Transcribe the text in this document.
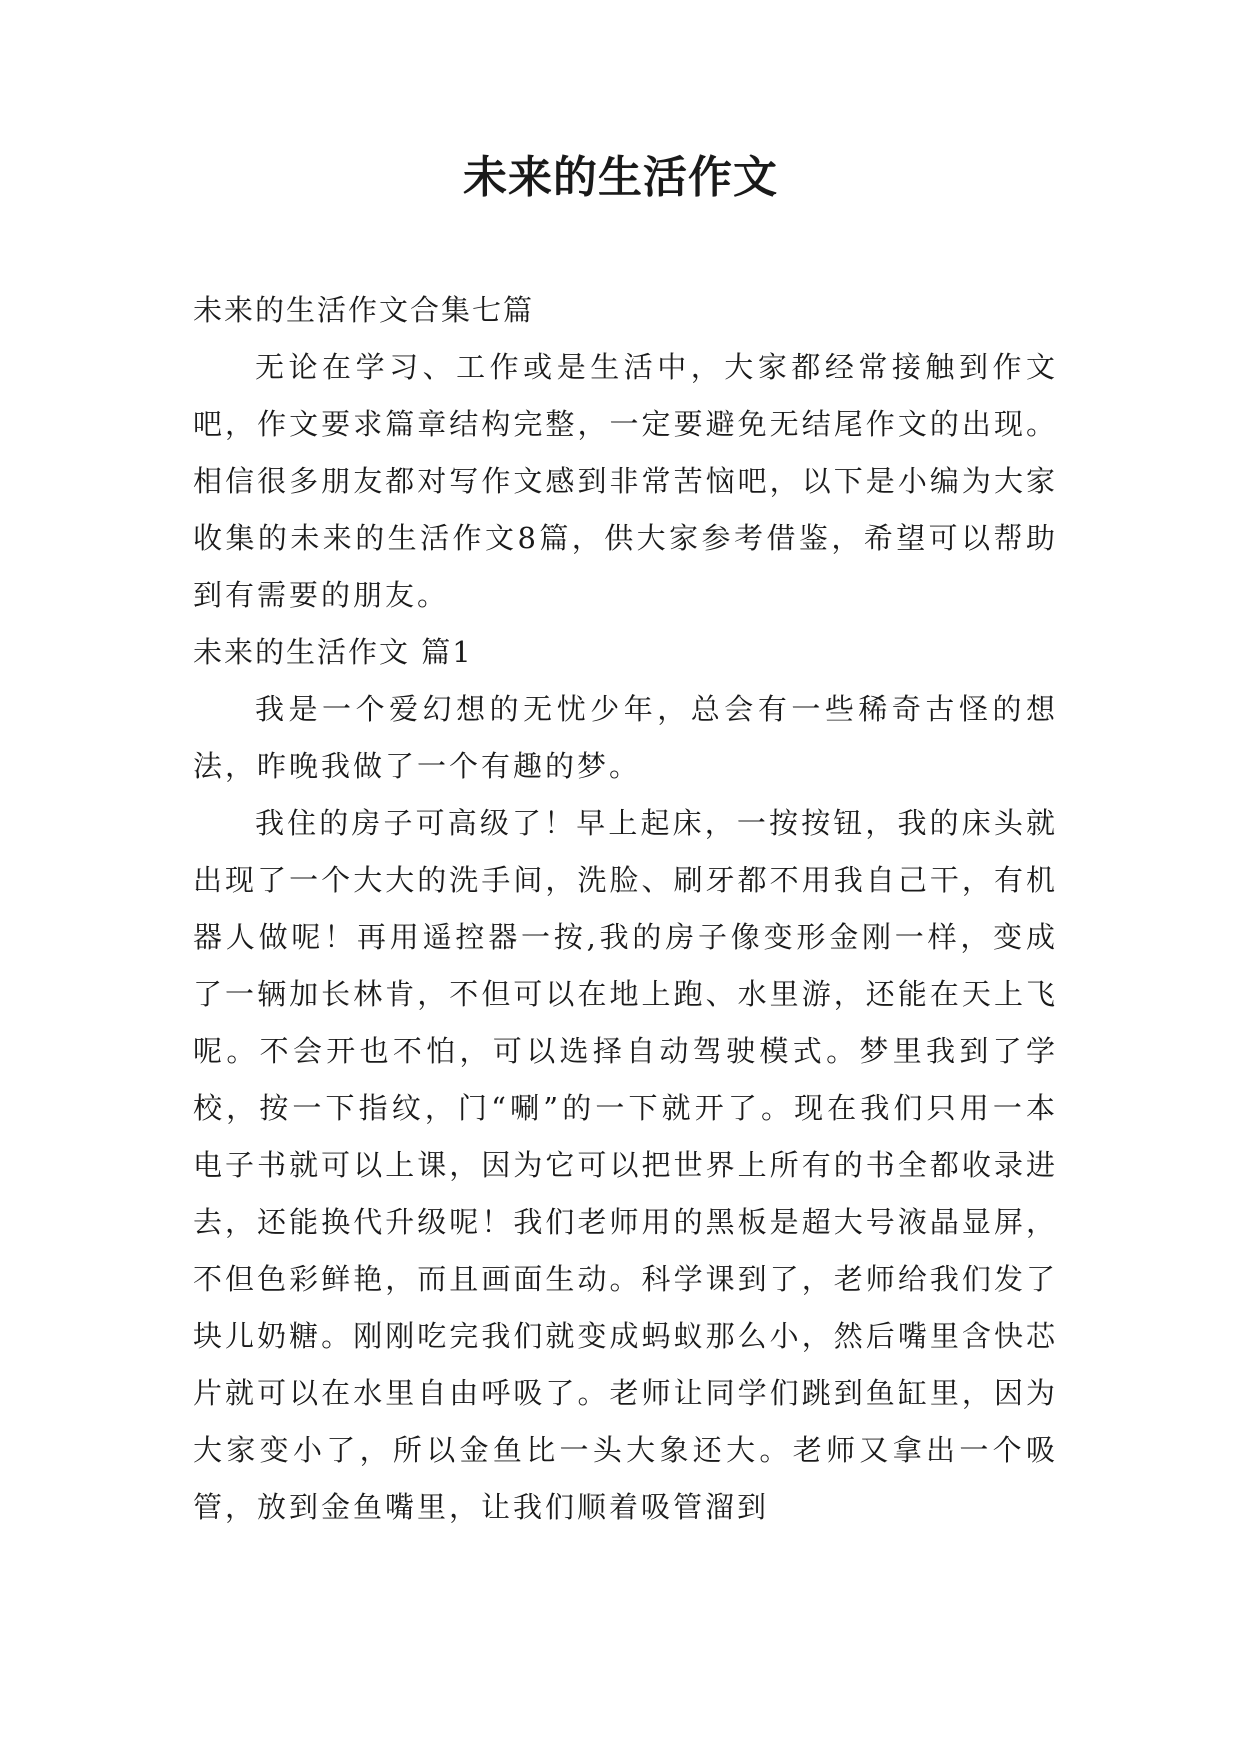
未来的生活作文

未来的生活作文合集七篇

无论在学习、工作或是生活中，大家都经常接触到作文吧，作文要求篇章结构完整，一定要避免无结尾作文的出现。相信很多朋友都对写作文感到非常苦恼吧，以下是小编为大家收集的未来的生活作文8篇，供大家参考借鉴，希望可以帮助到有需要的朋友。

未来的生活作文 篇1

我是一个爱幻想的无忧少年，总会有一些稀奇古怪的想法，昨晚我做了一个有趣的梦。

我住的房子可高级了！早上起床，一按按钮，我的床头就出现了一个大大的洗手间，洗脸、刷牙都不用我自己干，有机器人做呢！再用遥控器一按,我的房子像变形金刚一样，变成了一辆加长林肯，不但可以在地上跑、水里游，还能在天上飞呢。不会开也不怕，可以选择自动驾驶模式。梦里我到了学校，按一下指纹，门“唰”的一下就开了。现在我们只用一本电子书就可以上课，因为它可以把世界上所有的书全都收录进去，还能换代升级呢！我们老师用的黑板是超大号液晶显屏，不但色彩鲜艳，而且画面生动。科学课到了，老师给我们发了块儿奶糖。刚刚吃完我们就变成蚂蚁那么小，然后嘴里含快芯片就可以在水里自由呼吸了。老师让同学们跳到鱼缸里，因为大家变小了，所以金鱼比一头大象还大。老师又拿出一个吸管，放到金鱼嘴里，让我们顺着吸管溜到
